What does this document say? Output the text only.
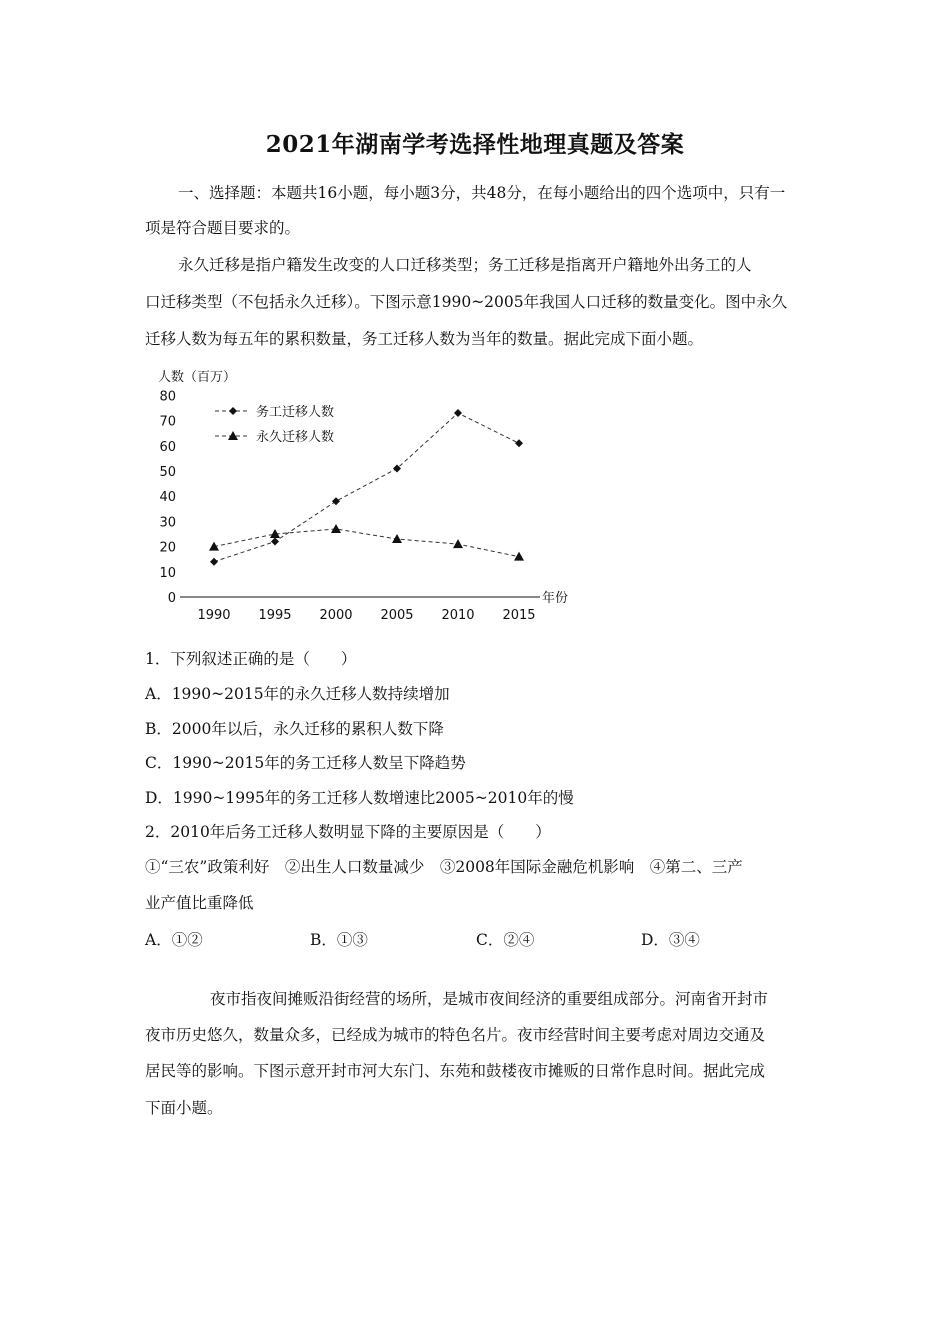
2021年湖南学考选择性地理真题及答案
一、选择题：本题共16小题，每小题3分，共48分，在每小题给出的四个选项中，只有一
项是符合题目要求的。
永久迁移是指户籍发生改变的人口迁移类型；务工迁移是指离开户籍地外出务工的人
口迁移类型（不包括永久迁移）。下图示意1990~2005年我国人口迁移的数量变化。图中永久
迁移人数为每五年的累积数量，务工迁移人数为当年的数量。据此完成下面小题。
人数（百万）
0
10
20
30
40
50
60
70
80
1990 1995 2000 2005 2010 2015
年份
务工迁移人数
永久迁移人数
1．下列叙述正确的是（　　）
A．1990~2015年的永久迁移人数持续增加
B．2000年以后，永久迁移的累积人数下降
C．1990~2015年的务工迁移人数呈下降趋势
D．1990~1995年的务工迁移人数增速比2005~2010年的慢
2．2010年后务工迁移人数明显下降的主要原因是（　　）
①“三农”政策利好　②出生人口数量减少　③2008年国际金融危机影响　④第二、三产
业产值比重降低
A．①②	B．①③	C．②④	D．③④
夜市指夜间摊贩沿街经营的场所，是城市夜间经济的重要组成部分。河南省开封市
夜市历史悠久，数量众多，已经成为城市的特色名片。夜市经营时间主要考虑对周边交通及
居民等的影响。下图示意开封市河大东门、东苑和鼓楼夜市摊贩的日常作息时间。据此完成
下面小题。
